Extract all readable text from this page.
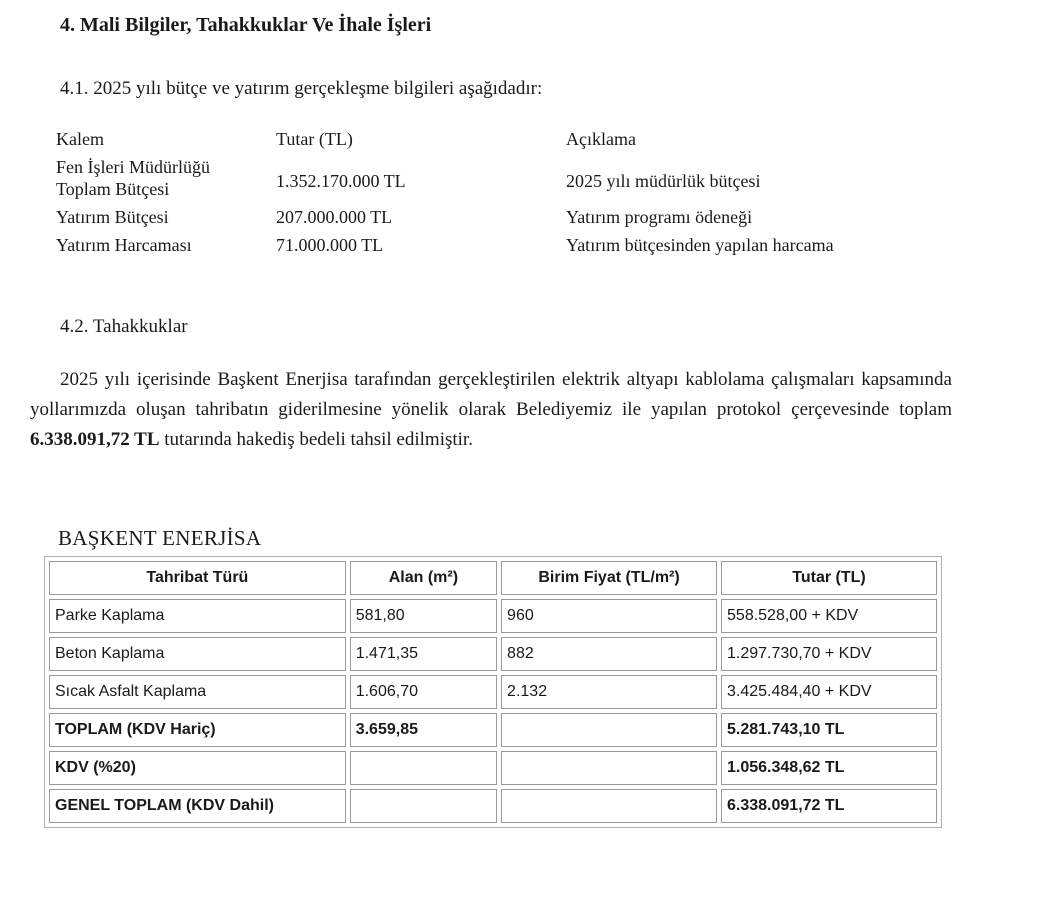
4. Mali Bilgiler, Tahakkuklar Ve İhale İşleri
4.1. 2025 yılı bütçe ve yatırım gerçekleşme bilgileri aşağıdadır:
Kalem	Tutar (TL)	Açıklama
Fen İşleri Müdürlüğü
Toplam Bütçesi	1.352.170.000 TL	2025 yılı müdürlük bütçesi
Yatırım Bütçesi	207.000.000 TL	Yatırım programı ödeneği
Yatırım Harcaması	71.000.000 TL	Yatırım bütçesinden yapılan harcama
4.2. Tahakkuklar
2025 yılı içerisinde Başkent Enerjisa tarafından gerçekleştirilen elektrik altyapı kablolama çalışmaları kapsamında yollarımızda oluşan tahribatın giderilmesine yönelik olarak Belediyemiz ile yapılan protokol çerçevesinde toplam 6.338.091,72 TL tutarında hakediş bedeli tahsil edilmiştir.
BAŞKENT ENERJİSA
Tahribat Türü	Alan (m²)	Birim Fiyat (TL/m²)	Tutar (TL)
Parke Kaplama	581,80	960	558.528,00 + KDV
Beton Kaplama	1.471,35	882	1.297.730,70 + KDV
Sıcak Asfalt Kaplama	1.606,70	2.132	3.425.484,40 + KDV
TOPLAM (KDV Hariç)	3.659,85		5.281.743,10 TL
KDV (%20)			1.056.348,62 TL
GENEL TOPLAM (KDV Dahil)			6.338.091,72 TL
